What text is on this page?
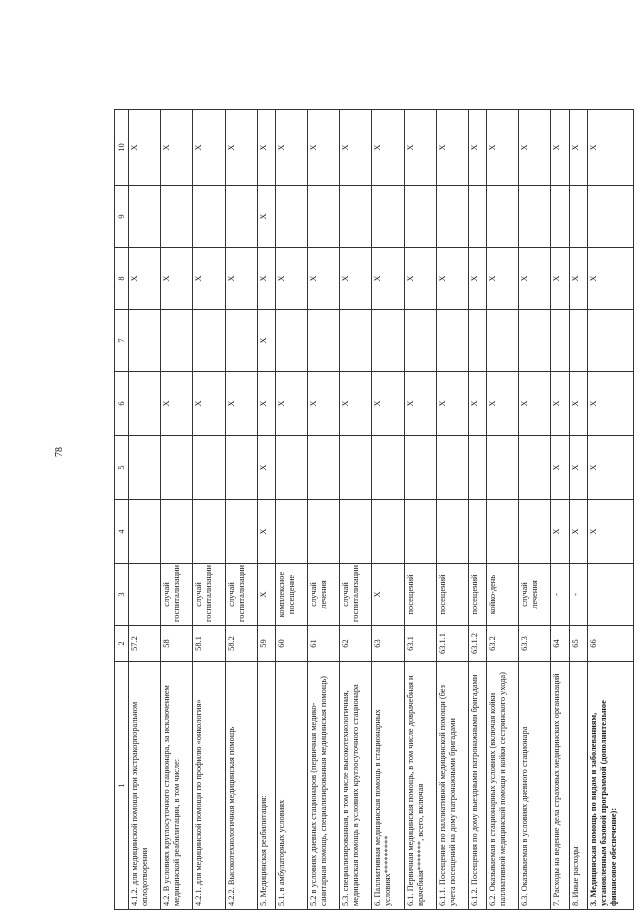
78
1	2	3	4	5	6	7	8	9	10
4.1.2. для медицинской помощи при экстракорпоральном оплодотворении	57.2						X		X
4.2. В условиях круглосуточного стационара, за исключением медицинской реабилитации, в том числе:	58	случай госпитализации			X		X		X
4.2.1. для медицинской помощи по профилю «онкология»	58.1	случай госпитализации			X		X		X
4.2.2. Высокотехнологичная медицинская помощь	58.2	случай госпитализации			X		X		X
5. Медицинская реабилитация:	59	X	X	X	X	X	X	X	X
5.1. в амбулаторных условиях	60	комплексное посещение			X		X		X
5.2 в условиях дневных стационаров (первичная медико-санитарная помощь, специализированная медицинская помощь)	61	случай лечения			X		X		X
5.3. специализированная, в том числе высокотехнологичная, медицинская помощь в условиях круглосуточного стационара	62	случай госпитализации			X		X		X
6. Паллиативная медицинская помощь в стационарных условиях*********	63	X			X		X		X
6.1. Первичная медицинская помощь, в том числе доврачебная и врачебная*******, всего, включая	63.1	посещений			X		X		X
6.1.1. Посещение по паллиативной медицинской помощи (без учета посещений на дому патронажными бригадами	63.1.1	посещений			X		X		X
6.1.2. Посещения по дому выездными патронажными бригадами	63.1.2	посещений			X		X		X
6.2. Оказываемая в стационарных условиях (включая койки паллиативной медицинской помощи и койки сестринского ухода)	63.2	койко-день			X		X		X
6.3. Оказываемая в условиях дневного стационара	63.3	случай лечения			X		X		X
7. Расходы на ведение дела страховых медицинских организаций	64	-	X	X	X		X		X
8. Иные расходы	65	-	X	X	X		X		X
3. Медицинская помощь по видам и заболеваниям, установленным базовой программой (дополнительное финансовое обеспечение):	66		X	X	X		X		X
